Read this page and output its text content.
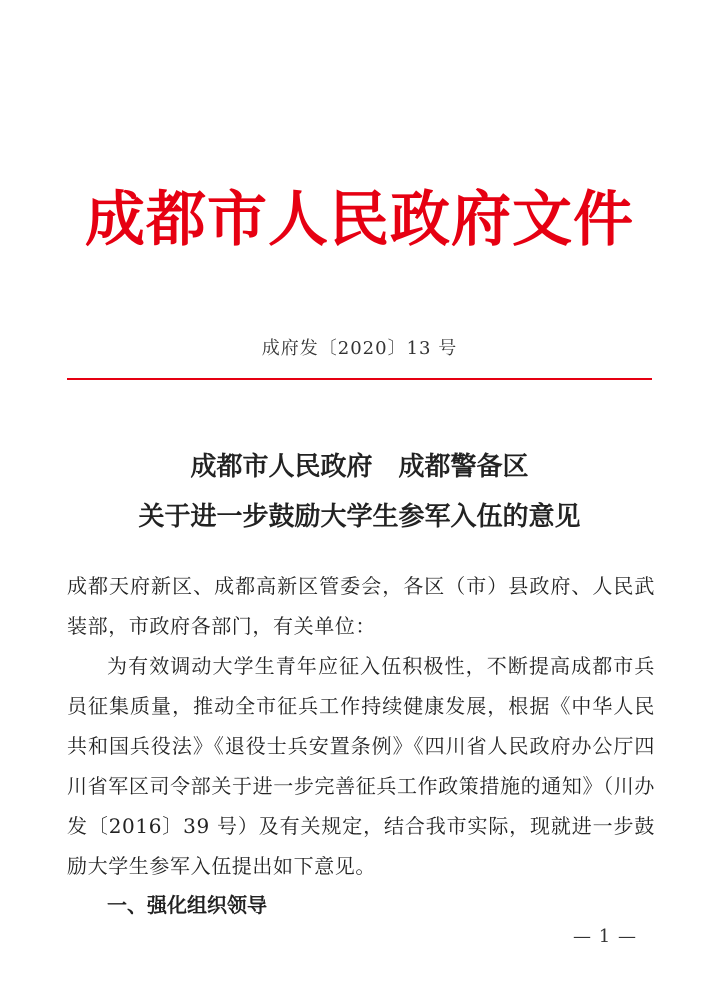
成都市人民政府文件
成府发〔2020〕13 号
成都市人民政府　成都警备区
关于进一步鼓励大学生参军入伍的意见

成都天府新区、成都高新区管委会，各区（市）县政府、人民武装部，市政府各部门，有关单位：

为有效调动大学生青年应征入伍积极性，不断提高成都市兵员征集质量，推动全市征兵工作持续健康发展，根据《中华人民共和国兵役法》《退役士兵安置条例》《四川省人民政府办公厅四川省军区司令部关于进一步完善征兵工作政策措施的通知》（川办发〔2016〕39 号）及有关规定，结合我市实际，现就进一步鼓励大学生参军入伍提出如下意见。

一、强化组织领导
— 1 —
